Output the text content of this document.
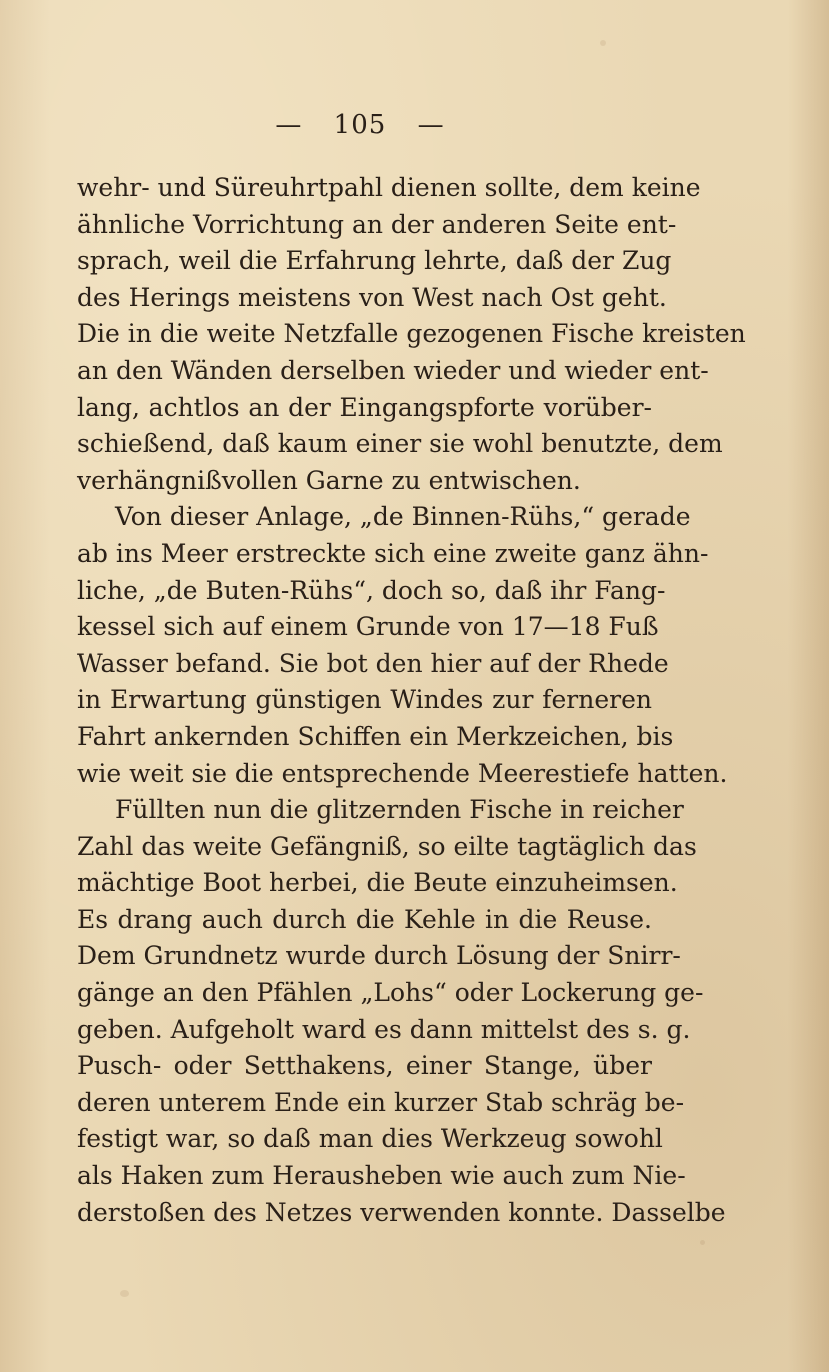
— 105 —
wehr- und Süreuhrtpahl dienen sollte, dem keine
ähnliche Vorrichtung an der anderen Seite ent-
sprach, weil die Erfahrung lehrte, daß der Zug
des Herings meistens von West nach Ost geht.
Die in die weite Netzfalle gezogenen Fische kreisten
an den Wänden derselben wieder und wieder ent-
lang, achtlos an der Eingangspforte vorüber-
schießend, daß kaum einer sie wohl benutzte, dem
verhängnißvollen Garne zu entwischen.
Von dieser Anlage, „de Binnen-Rühs,“ gerade
ab ins Meer erstreckte sich eine zweite ganz ähn-
liche, „de Buten-Rühs“, doch so, daß ihr Fang-
kessel sich auf einem Grunde von 17—18 Fuß
Wasser befand. Sie bot den hier auf der Rhede
in Erwartung günstigen Windes zur ferneren
Fahrt ankernden Schiffen ein Merkzeichen, bis
wie weit sie die entsprechende Meerestiefe hatten.
Füllten nun die glitzernden Fische in reicher
Zahl das weite Gefängniß, so eilte tagtäglich das
mächtige Boot herbei, die Beute einzuheimsen.
Es drang auch durch die Kehle in die Reuse.
Dem Grundnetz wurde durch Lösung der Snirr-
gänge an den Pfählen „Lohs“ oder Lockerung ge-
geben. Aufgeholt ward es dann mittelst des s. g.
Pusch- oder Setthakens, einer Stange, über
deren unterem Ende ein kurzer Stab schräg be-
festigt war, so daß man dies Werkzeug sowohl
als Haken zum Herausheben wie auch zum Nie-
derstoßen des Netzes verwenden konnte. Dasselbe
